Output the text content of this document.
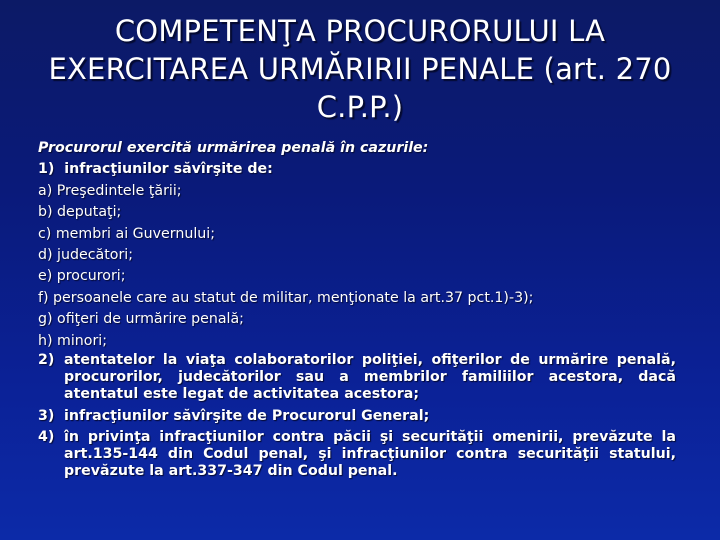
COMPETENŢA PROCURORULUI LA EXERCITAREA URMĂRIRII PENALE (art. 270 C.P.P.)
Procurorul exercită urmărirea penală în cazurile:
1) infracţiunilor săvîrşite de:
a) Preşedintele ţării;
b) deputaţi;
c) membri ai Guvernului;
d) judecători;
e) procurori;
f) persoanele care au statut de militar, menţionate la art.37 pct.1)-3);
g) ofiţeri de urmărire penală;
h) minori;
2) atentatelor la viaţa colaboratorilor poliţiei, ofiţerilor de urmărire penală, procurorilor, judecătorilor sau a membrilor familiilor acestora, dacă atentatul este legat de activitatea acestora;
3) infracţiunilor săvîrşite de Procurorul General;
4) în privinţa infracţiunilor contra păcii şi securităţii omenirii, prevăzute la art.135-144 din Codul penal, şi infracţiunilor contra securităţii statului, prevăzute la art.337-347 din Codul penal.
